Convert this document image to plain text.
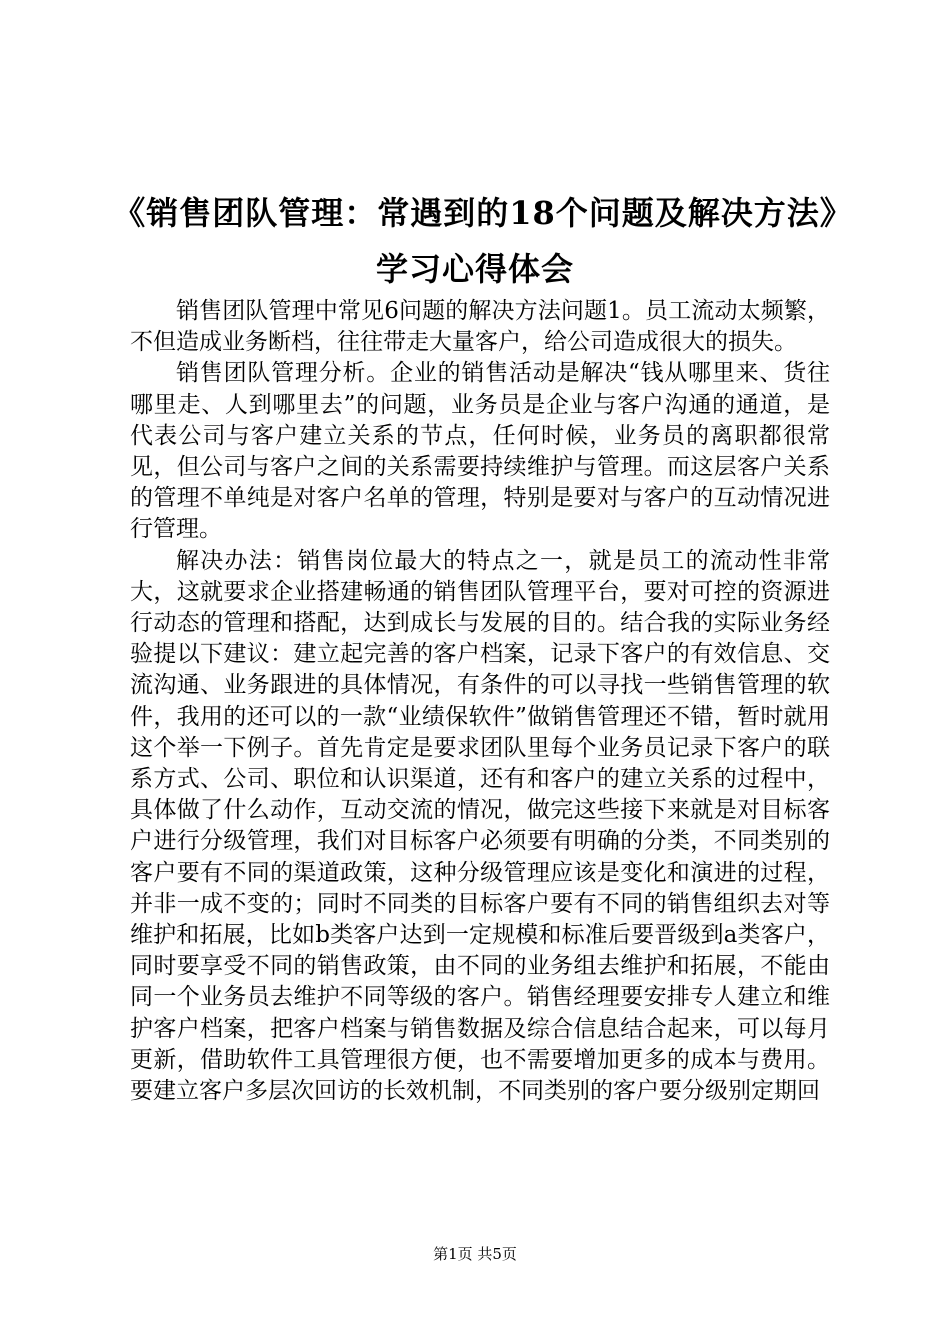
《销售团队管理：常遇到的18个问题及解决方法》学习心得体会

销售团队管理中常见6问题的解决方法问题1。员工流动太频繁，不但造成业务断档，往往带走大量客户，给公司造成很大的损失。

销售团队管理分析。企业的销售活动是解决“钱从哪里来、货往哪里走、人到哪里去”的问题，业务员是企业与客户沟通的通道，是代表公司与客户建立关系的节点，任何时候，业务员的离职都很常见，但公司与客户之间的关系需要持续维护与管理。而这层客户关系的管理不单纯是对客户名单的管理，特别是要对与客户的互动情况进行管理。

解决办法：销售岗位最大的特点之一，就是员工的流动性非常大，这就要求企业搭建畅通的销售团队管理平台，要对可控的资源进行动态的管理和搭配，达到成长与发展的目的。结合我的实际业务经验提以下建议：建立起完善的客户档案，记录下客户的有效信息、交流沟通、业务跟进的具体情况，有条件的可以寻找一些销售管理的软件，我用的还可以的一款“业绩保软件”做销售管理还不错，暂时就用这个举一下例子。首先肯定是要求团队里每个业务员记录下客户的联系方式、公司、职位和认识渠道，还有和客户的建立关系的过程中，具体做了什么动作，互动交流的情况，做完这些接下来就是对目标客户进行分级管理，我们对目标客户必须要有明确的分类，不同类别的客户要有不同的渠道政策，这种分级管理应该是变化和演进的过程，并非一成不变的；同时不同类的目标客户要有不同的销售组织去对等维护和拓展，比如b类客户达到一定规模和标准后要晋级到a类客户，同时要享受不同的销售政策，由不同的业务组去维护和拓展，不能由同一个业务员去维护不同等级的客户。销售经理要安排专人建立和维护客户档案，把客户档案与销售数据及综合信息结合起来，可以每月更新，借助软件工具管理很方便，也不需要增加更多的成本与费用。要建立客户多层次回访的长效机制，不同类别的客户要分级别定期回

第1页 共5页
